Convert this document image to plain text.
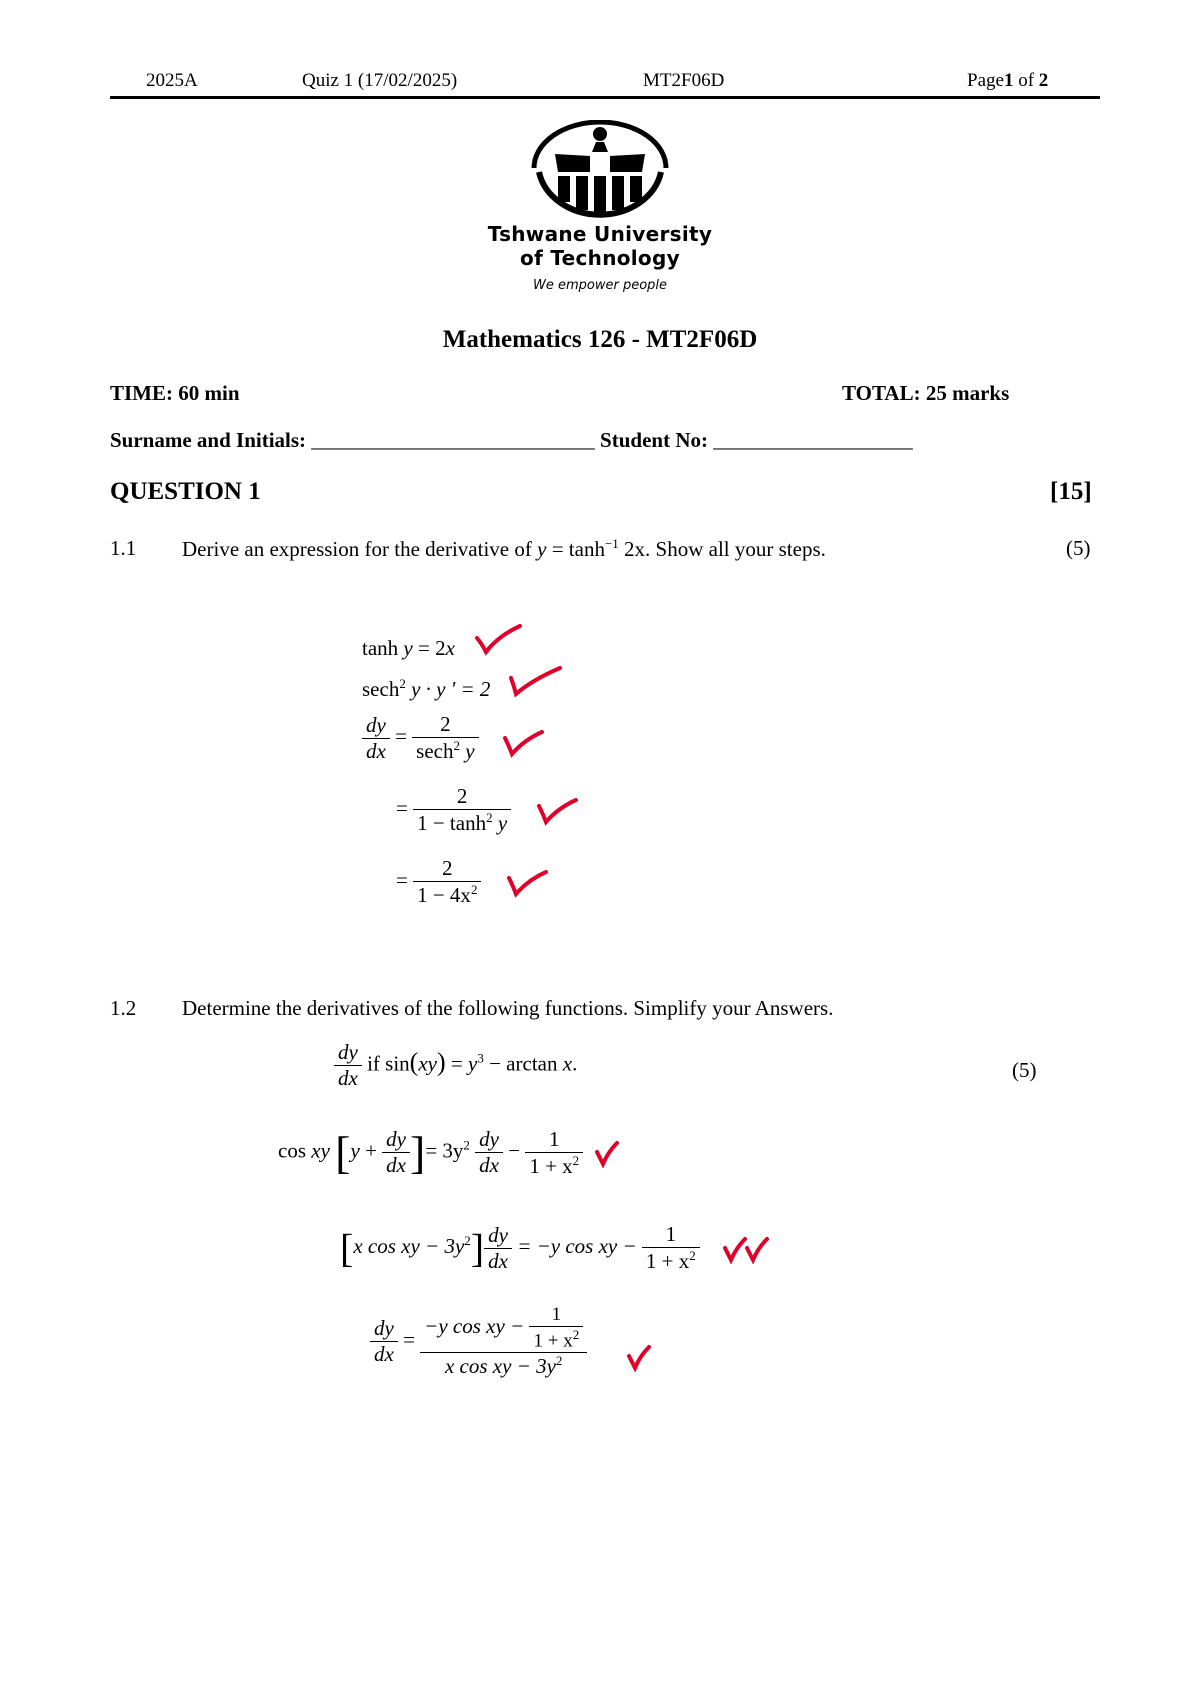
2025A	Quiz 1 (17/02/2025)	MT2F06D	Page1 of 2
Tshwane University
of Technology
We empower people
Mathematics 126 - MT2F06D
TIME: 60 min	TOTAL: 25 marks
Surname and Initials: ___________________________ Student No: ___________________
QUESTION 1	[15]
1.1 Derive an expression for the derivative of $y = \tanh^{-1} 2x$. Show all your steps.	(5)
tanh y = 2x
sech$^2$ y · y ' = 2
$\frac{dy}{dx} = \frac{2}{\sec h^2 y}$
= $\frac{2}{1 - \tanh^2 y}$
= $\frac{2}{1 - 4x^2}$
1.2 Determine the derivatives of the following functions. Simplify your Answers.
$\frac{dy}{dx}$ if $\sin(xy) = y^3 - \arctan x$.	(5)
cos xy [$y + \frac{dy}{dx}$ ]= $3y^2 \frac{dy}{dx} - \frac{1}{1 + x^2}$
[x cos xy − $3y^2] \frac{dy}{dx} = -y$ cos xy − $\frac{1}{1 + x^2}$
$\frac{dy}{dx} = \frac{-y \cos xy - \frac{1}{1 + x^2}}{x \cos xy - 3y^2}$
